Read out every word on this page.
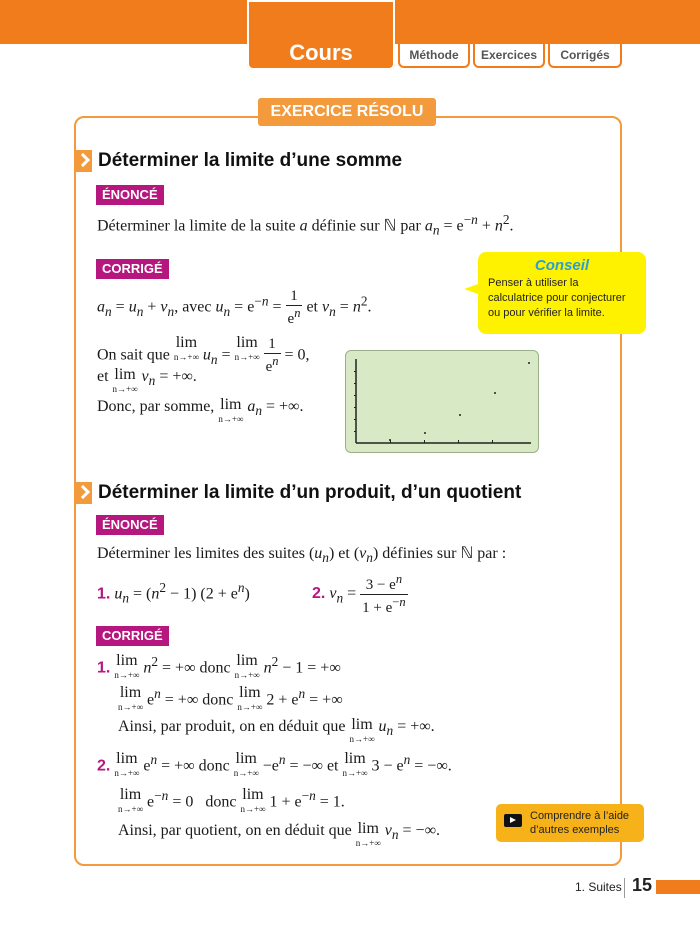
Cours	Méthode	Exercices	Corrigés
EXERCICE RÉSOLU
Déterminer la limite d’une somme
ÉNONCÉ
Déterminer la limite de la suite a définie sur ℕ par $a_n = e^{-n} + n^2$.
CORRIGÉ
$a_n = u_n + v_n$, avec $u_n = e^{-n} = \frac{1}{e^n}$ et $v_n = n^2$.
On sait que lim
n→+∞ $u_n = \lim$
n→+∞
$\frac{1}{e^n} = 0$,
et lim
n→+∞
$v_n$ = +∞.
Donc, par somme, lim
n→+∞
$a_n$ = +∞.
Conseil
Penser à utiliser la calculatrice pour conjecturer ou pour vérifier la limite.
Déterminer la limite d’un produit, d’un quotient
ÉNONCÉ
Déterminer les limites des suites $(u_n)$ et $(v_n)$ définies sur ℕ par :
1. $u_n = (n^2 - 1) (2 + e^n)$	2. $v_n = \frac{3 - e^n}{1 + e^{-n}}$
CORRIGÉ
1. lim
n→+∞ $n^2$ = +∞ donc lim
n→+∞ $n^2 - 1$ = +∞
lim
n→+∞ $e^n$ = +∞ donc lim
n→+∞ $2 + e^n$ = +∞
Ainsi, par produit, on en déduit que lim
n→+∞
$u_n$ = +∞.
2. lim
n→+∞ $e^n$ = +∞ donc lim
$n\to+\infty -e^n$ = −∞ et lim
n→+∞ $3 - e^n$ = −∞.
lim
n→+∞ $e^{-n} = 0$   donc lim
n→+∞ $1 + e^{-n} = 1$.
Ainsi, par quotient, on en déduit que lim
n→+∞
$v_n$ = −∞.
Comprendre à l’aide
d’autres exemples
1. Suites 15
